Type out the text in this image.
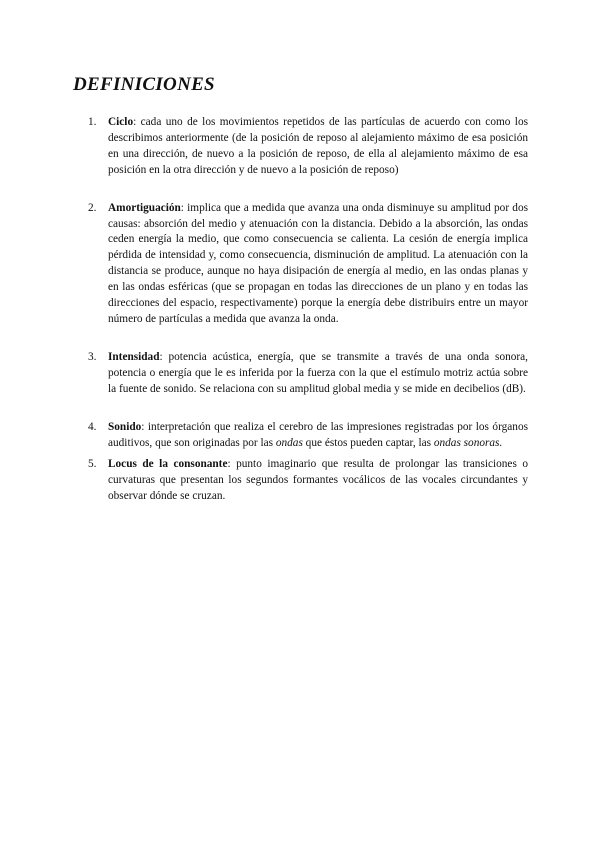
DEFINICIONES
1. Ciclo: cada uno de los movimientos repetidos de las partículas de acuerdo con como los describimos anteriormente (de la posición de reposo al alejamiento máximo de esa posición en una dirección, de nuevo a la posición de reposo, de ella al alejamiento máximo de esa posición en la otra dirección y de nuevo a la posición de reposo)
2. Amortiguación: implica que a medida que avanza una onda disminuye su amplitud por dos causas: absorción del medio y atenuación con la distancia. Debido a la absorción, las ondas ceden energía la medio, que como consecuencia se calienta. La cesión de energía implica pérdida de intensidad y, como consecuencia, disminución de amplitud. La atenuación con la distancia se produce, aunque no haya disipación de energía al medio, en las ondas planas y en las ondas esféricas (que se propagan en todas las direcciones de un plano y en todas las direcciones del espacio, respectivamente) porque la energía debe distribuirs entre un mayor número de partículas a medida que avanza la onda.
3. Intensidad: potencia acústica, energía, que se transmite a través de una onda sonora, potencia o energía que le es inferida por la fuerza con la que el estímulo motriz actúa sobre la fuente de sonido. Se relaciona con su amplitud global media y se mide en decibelios (dB).
4. Sonido: interpretación que realiza el cerebro de las impresiones registradas por los órganos auditivos, que son originadas por las ondas que éstos pueden captar, las ondas sonoras.
5. Locus de la consonante: punto imaginario que resulta de prolongar las transiciones o curvaturas que presentan los segundos formantes vocálicos de las vocales circundantes y observar dónde se cruzan.
